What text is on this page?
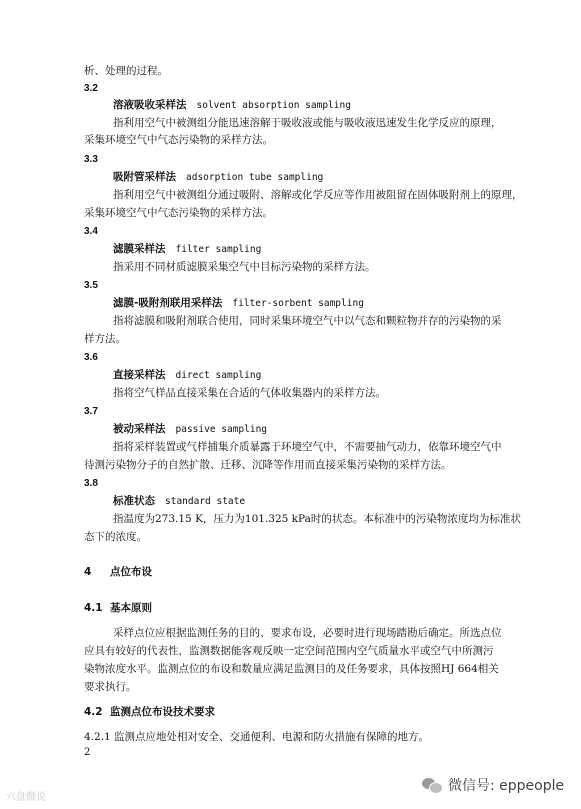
析、处理的过程。
3.2
溶液吸收采样法 solvent absorption sampling
指利用空气中被测组分能迅速溶解于吸收液或能与吸收液迅速发生化学反应的原理，
采集环境空气中气态污染物的采样方法。
3.3
吸附管采样法 adsorption tube sampling
指利用空气中被测组分通过吸附、溶解或化学反应等作用被阻留在固体吸附剂上的原理，
采集环境空气中气态污染物的采样方法。
3.4
滤膜采样法 filter sampling
指采用不同材质滤膜采集空气中目标污染物的采样方法。
3.5
滤膜-吸附剂联用采样法 filter-sorbent sampling
指将滤膜和吸附剂联合使用，同时采集环境空气中以气态和颗粒物并存的污染物的采
样方法。
3.6
直接采样法 direct sampling
指将空气样品直接采集在合适的气体收集器内的采样方法。
3.7
被动采样法 passive sampling
指将采样装置或气样捕集介质暴露于环境空气中，不需要抽气动力，依靠环境空气中
待测污染物分子的自然扩散、迁移、沉降等作用而直接采集污染物的采样方法。
3.8
标准状态 standard state
指温度为273.15 K，压力为101.325 kPa时的状态。本标准中的污染物浓度均为标准状
态下的浓度。
4 点位布设
4.1 基本原则
采样点位应根据监测任务的目的、要求布设，必要时进行现场踏勘后确定。所选点位
应具有较好的代表性，监测数据能客观反映一定空间范围内空气质量水平或空气中所测污
染物浓度水平。监测点位的布设和数量应满足监测目的及任务要求，具体按照HJ 664相关
要求执行。
4.2 监测点位布设技术要求
4.2.1 监测点应地处相对安全、交通便利、电源和防火措施有保障的地方。
2
六盘微说
微信号: eppeople
